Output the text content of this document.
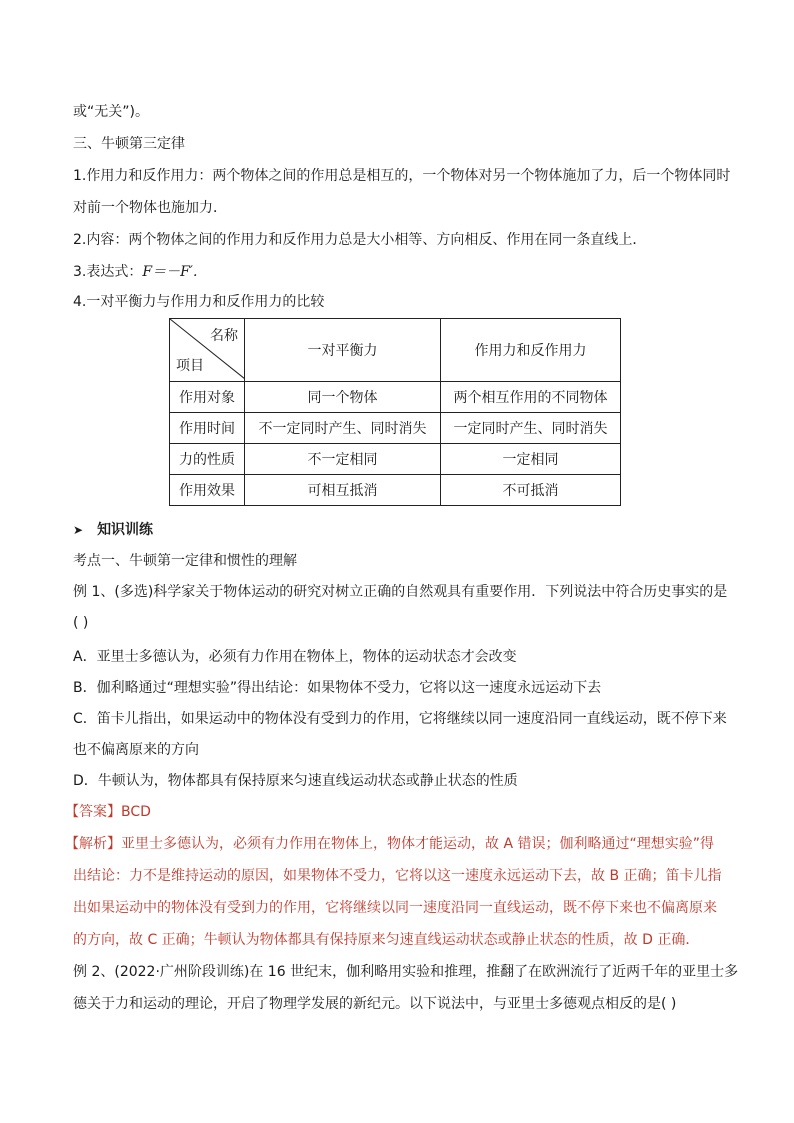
或“无关”)。
三、牛顿第三定律
1.作用力和反作用力：两个物体之间的作用总是相互的，一个物体对另一个物体施加了力，后一个物体同时
对前一个物体也施加力．
2.内容：两个物体之间的作用力和反作用力总是大小相等、方向相反、作用在同一条直线上．
3.表达式：F＝－F′.
4.一对平衡力与作用力和反作用力的比较
名称
项目	一对平衡力	作用力和反作用力
作用对象	同一个物体	两个相互作用的不同物体
作用时间	不一定同时产生、同时消失	一定同时产生、同时消失
力的性质	不一定相同	一定相同
作用效果	可相互抵消	不可抵消
➤ 知识训练
考点一、牛顿第一定律和惯性的理解
例 1、(多选)科学家关于物体运动的研究对树立正确的自然观具有重要作用．下列说法中符合历史事实的是
( )
A．亚里士多德认为，必须有力作用在物体上，物体的运动状态才会改变
B．伽利略通过“理想实验”得出结论：如果物体不受力，它将以这一速度永远运动下去
C．笛卡儿指出，如果运动中的物体没有受到力的作用，它将继续以同一速度沿同一直线运动，既不停下来
也不偏离原来的方向
D．牛顿认为，物体都具有保持原来匀速直线运动状态或静止状态的性质
【答案】BCD
【解析】亚里士多德认为，必须有力作用在物体上，物体才能运动，故 A 错误；伽利略通过“理想实验”得
出结论：力不是维持运动的原因，如果物体不受力，它将以这一速度永远运动下去，故 B 正确；笛卡儿指
出如果运动中的物体没有受到力的作用，它将继续以同一速度沿同一直线运动，既不停下来也不偏离原来
的方向，故 C 正确；牛顿认为物体都具有保持原来匀速直线运动状态或静止状态的性质，故 D 正确．
例 2、(2022·广州阶段训练)在 16 世纪末，伽利略用实验和推理，推翻了在欧洲流行了近两千年的亚里士多
德关于力和运动的理论，开启了物理学发展的新纪元。以下说法中，与亚里士多德观点相反的是( )
